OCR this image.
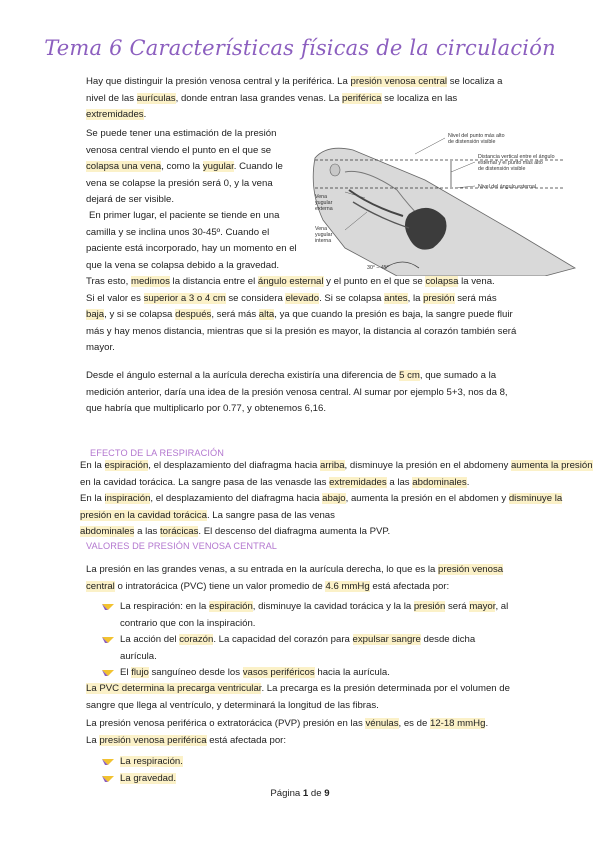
Tema 6 Características físicas de la circulación

Hay que distinguir la presión venosa central y la periférica. La presión venosa central se localiza a nivel de las aurículas, donde entran lasa grandes venas. La periférica se localiza en las extremidades.

Se puede tener una estimación de la presión venosa central viendo el punto en el que se colapsa una vena, como la yugular. Cuando le vena se colapse la presión será 0, y la vena dejará de ser visible.

En primer lugar, el paciente se tiende en una camilla y se inclina unos 30-45º. Cuando el paciente está incorporado, hay un momento en el que la vena se colapsa debido a la gravedad.

Tras esto, medimos la distancia entre el ángulo esternal y el punto en el que se colapsa la vena.
Si el valor es superior a 3 o 4 cm se considera elevado. Si se colapsa antes, la presión será más baja, y si se colapsa después, será más alta, ya que cuando la presión es baja, la sangre puede fluir más y hay menos distancia, mientras que si la presión es mayor, la distancia al corazón también será mayor.

Desde el ángulo esternal a la aurícula derecha existiría una diferencia de 5 cm, que sumado a la medición anterior, daría una idea de la presión venosa central. Al sumar por ejemplo 5+3, nos da 8, que habría que multiplicarlo por 0.77, y obtenemos 6,16.

Nivel del punto más alto
de distensión visible
Distancia vertical entre el ángulo
esternal y el punto más alto
de distensión visible
Nivel del ángulo esternal
Vena
yugular
externa
Vena
yugular
interna
30° – 45°
EFECTO DE LA RESPIRACIÓN

En la espiración, el desplazamiento del diafragma hacia arriba, disminuye la presión en el abdomeny aumenta la presión en la cavidad torácica. La sangre pasa de las venasde las extremidades a las abdominales.
En la inspiración, el desplazamiento del diafragma hacia abajo, aumenta la presión en el abdomen y disminuye la presión en la cavidad torácica. La sangre pasa de las venas
abdominales a las torácicas. El descenso del diafragma aumenta la PVP.

VALORES DE PRESIÓN VENOSA CENTRAL

La presión en las grandes venas, a su entrada en la aurícula derecha, lo que es la presión venosa central o intratorácica (PVC) tiene un valor promedio de 4.6 mmHg está afectada por:

La respiración: en la espiración, disminuye la cavidad torácica y la la presión será mayor, al contrario que con la inspiración.
La acción del corazón. La capacidad del corazón para expulsar sangre desde dicha aurícula.
El flujo sanguíneo desde los vasos periféricos hacia la aurícula.

La PVC determina la precarga ventricular. La precarga es la presión determinada por el volumen de sangre que llega al ventrículo, y determinará la longitud de las fibras.

La presión venosa periférica o extratorácica (PVP) presión en las vénulas, es de 12-18 mmHg.
La presión venosa periférica está afectada por:

La respiración.
La gravedad.
Página 1 de 9
